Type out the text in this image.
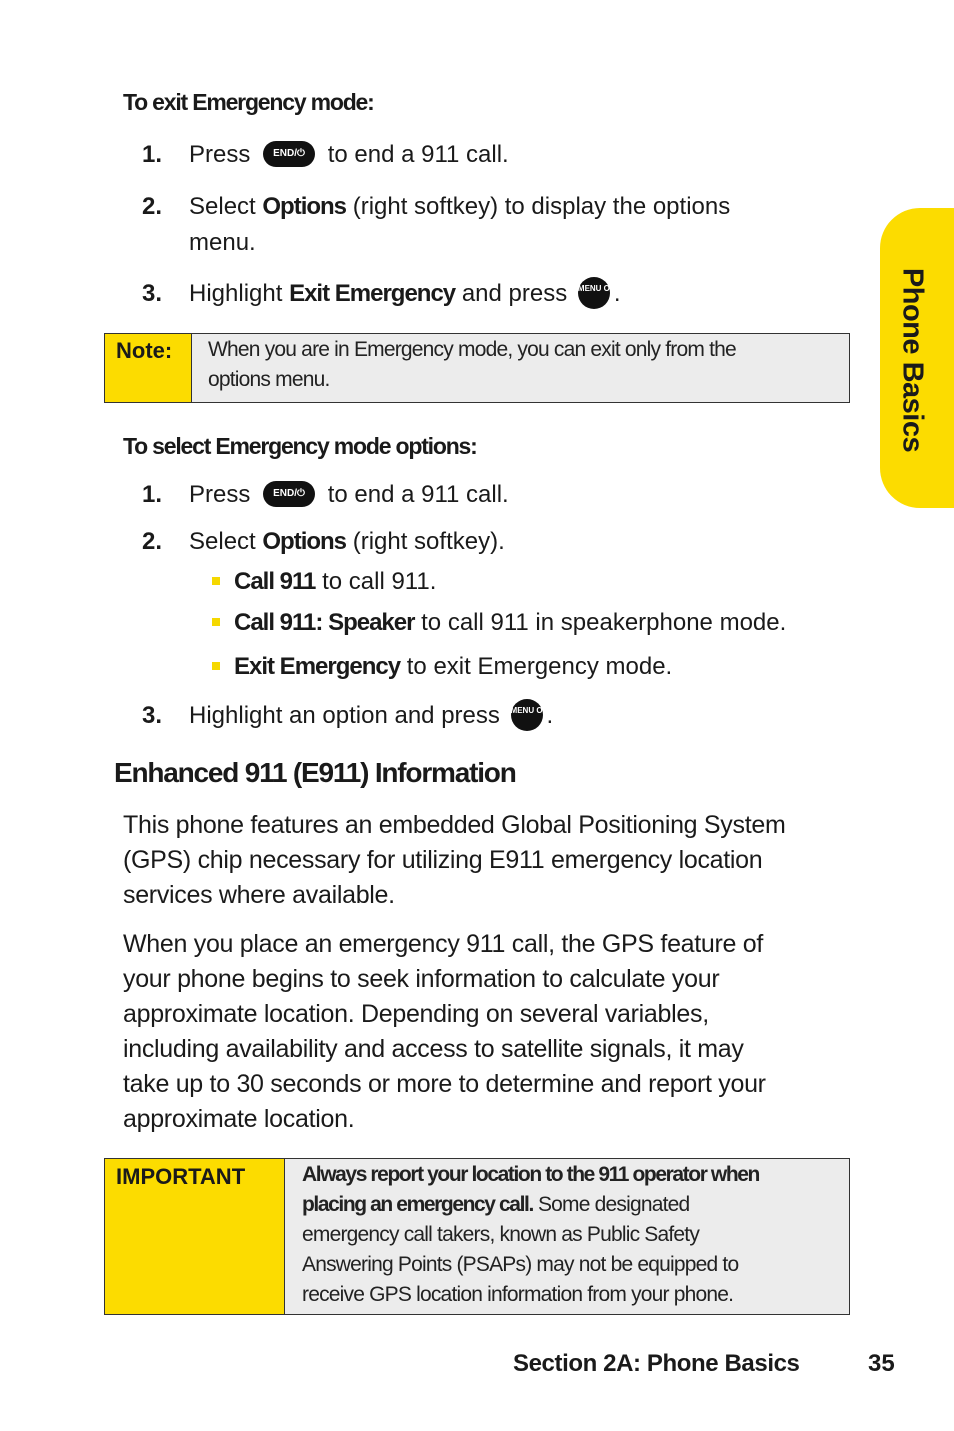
Phone Basics
To exit Emergency mode:
1. Press END/⏻ to end a 911 call.
2. Select Options (right softkey) to display the options
menu.
3. Highlight Exit Emergency and press MENU OK.
Note:	When you are in Emergency mode, you can exit only from the
options menu.
To select Emergency mode options:
1. Press END/⏻ to end a 911 call.
2. Select Options (right softkey).
Call 911 to call 911.
Call 911: Speaker to call 911 in speakerphone mode.
Exit Emergency to exit Emergency mode.
3. Highlight an option and press MENU OK.
Enhanced 911 (E911) Information
This phone features an embedded Global Positioning System
(GPS) chip necessary for utilizing E911 emergency location
services where available.
When you place an emergency 911 call, the GPS feature of
your phone begins to seek information to calculate your
approximate location. Depending on several variables,
including availability and access to satellite signals, it may
take up to 30 seconds or more to determine and report your
approximate location.
IMPORTANT	Always report your location to the 911 operator when
placing an emergency call. Some designated
emergency call takers, known as Public Safety
Answering Points (PSAPs) may not be equipped to
receive GPS location information from your phone.
Section 2A: Phone Basics	35
